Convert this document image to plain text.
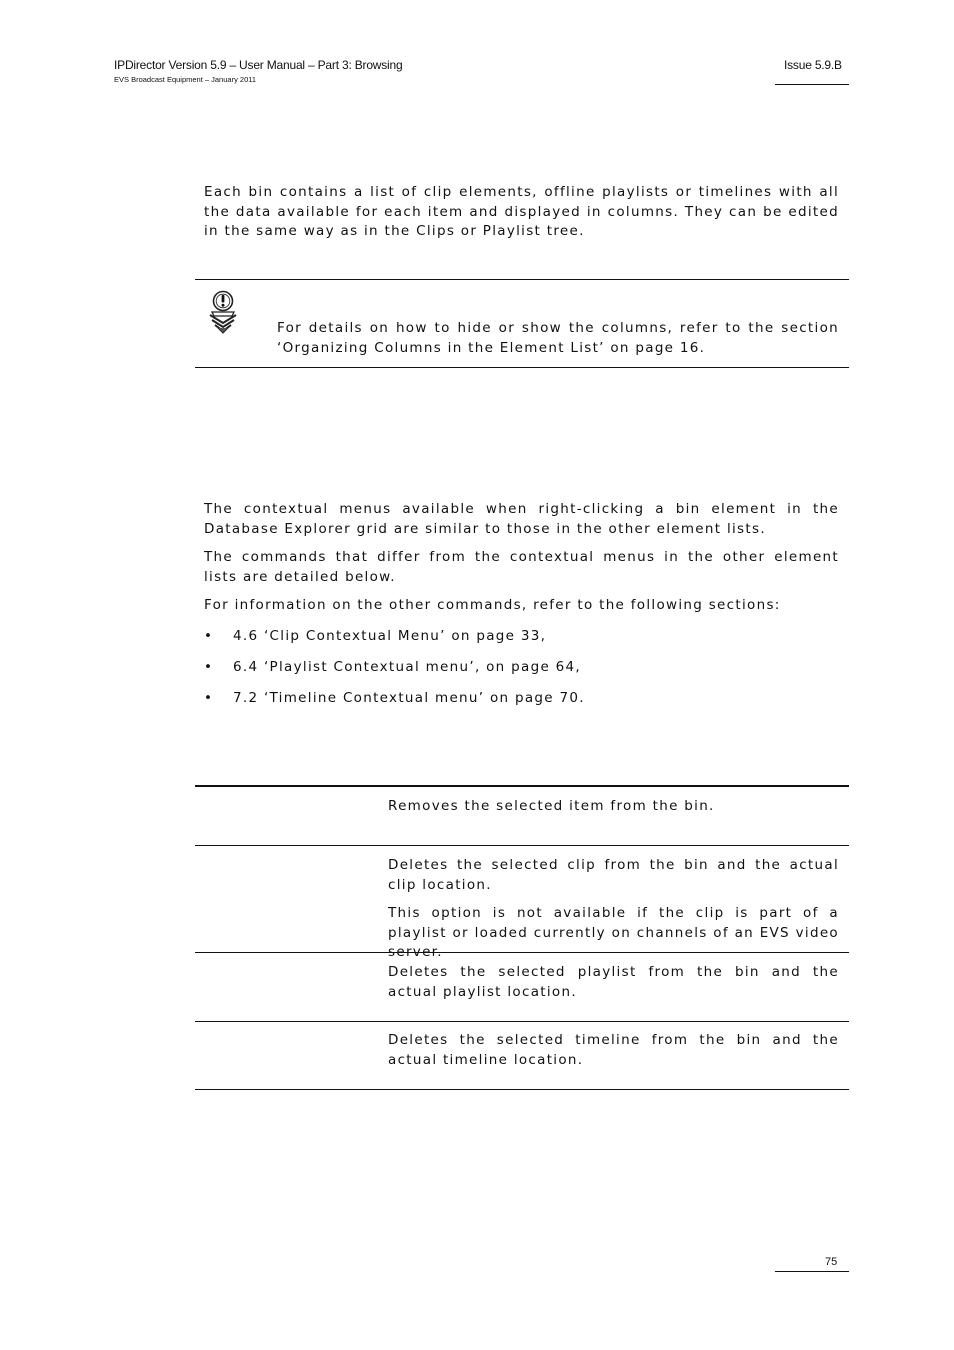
IPDirector Version 5.9 – User Manual – Part 3: Browsing
EVS Broadcast Equipment – January 2011
Issue 5.9.B

Each bin contains a list of clip elements, offline playlists or timelines with all the data available for each item and displayed in columns. They can be edited in the same way as in the Clips or Playlist tree.

For details on how to hide or show the columns, refer to the section ‘Organizing Columns in the Element List’ on page 16.

The contextual menus available when right-clicking a bin element in the Database Explorer grid are similar to those in the other element lists.

The commands that differ from the contextual menus in the other element lists are detailed below.

For information on the other commands, refer to the following sections:

• 4.6 ‘Clip Contextual Menu’ on page 33,
• 6.4 ‘Playlist Contextual menu’, on page 64,
• 7.2 ‘Timeline Contextual menu’ on page 70.

Removes the selected item from the bin.

Deletes the selected clip from the bin and the actual clip location.

This option is not available if the clip is part of a playlist or loaded currently on channels of an EVS video server.

Deletes the selected playlist from the bin and the actual playlist location.

Deletes the selected timeline from the bin and the actual timeline location.

75
